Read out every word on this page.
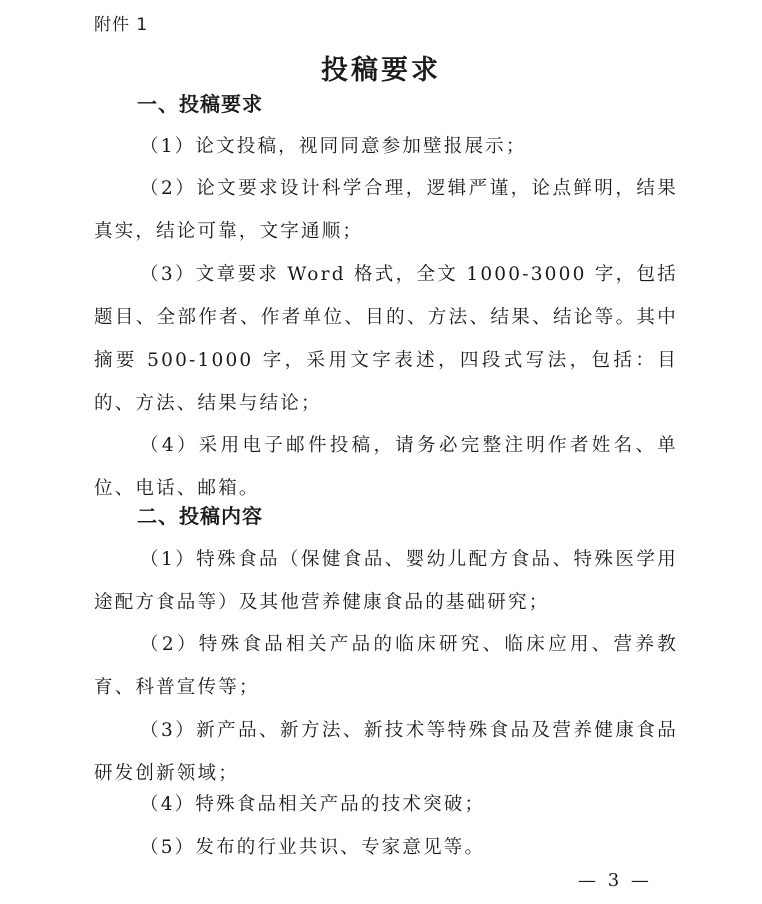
附件 1
投稿要求
一、投稿要求
（1）论文投稿，视同同意参加壁报展示；
（2）论文要求设计科学合理，逻辑严谨，论点鲜明，结果真实，结论可靠，文字通顺；
（3）文章要求 Word 格式，全文 1000-3000 字，包括题目、全部作者、作者单位、目的、方法、结果、结论等。其中摘要 500-1000 字，采用文字表述，四段式写法，包括：目的、方法、结果与结论；
（4）采用电子邮件投稿，请务必完整注明作者姓名、单位、电话、邮箱。
二、投稿内容
（1）特殊食品（保健食品、婴幼儿配方食品、特殊医学用途配方食品等）及其他营养健康食品的基础研究；
（2）特殊食品相关产品的临床研究、临床应用、营养教育、科普宣传等；
（3）新产品、新方法、新技术等特殊食品及营养健康食品研发创新领域；
（4）特殊食品相关产品的技术突破；
（5）发布的行业共识、专家意见等。
— 3 —
